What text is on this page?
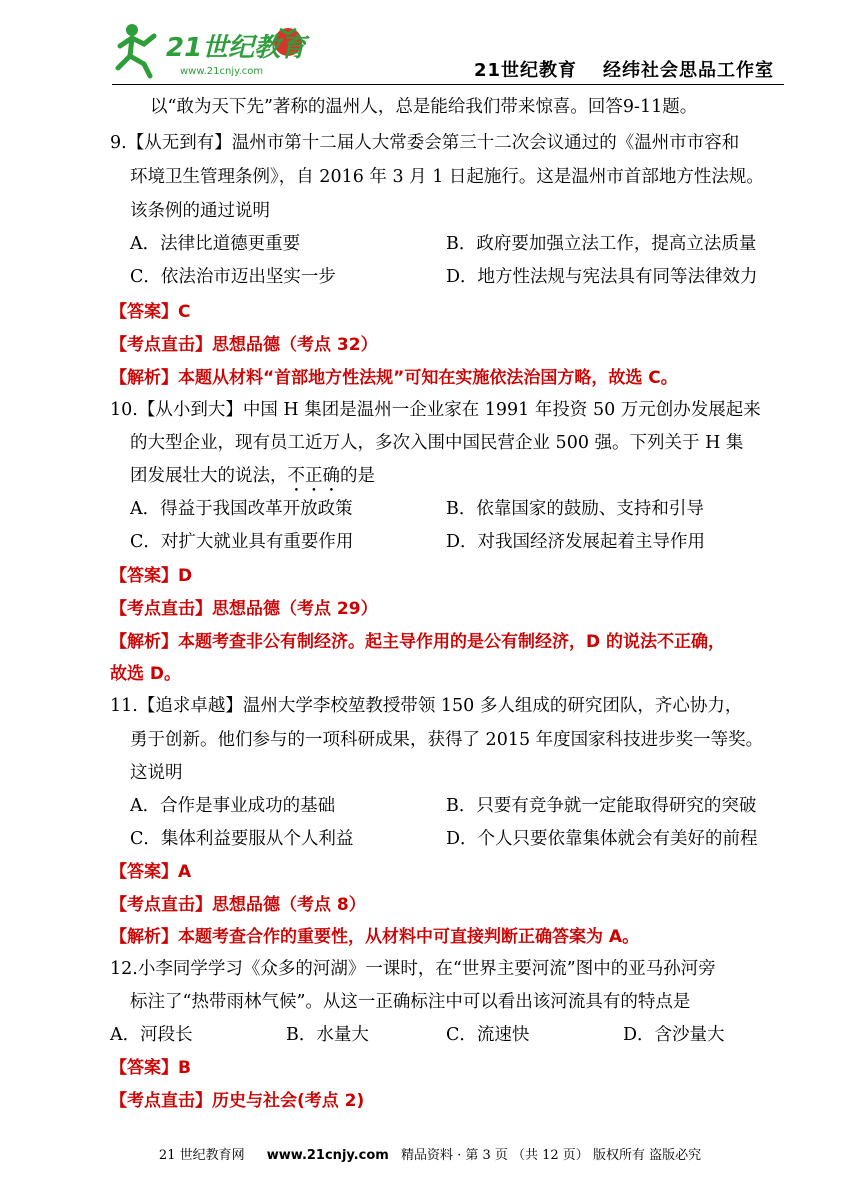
21世纪教育
www.21cnjy.com	21世纪教育 经纬社会思品工作室
以“敢为天下先”著称的温州人，总是能给我们带来惊喜。回答9-11题。
9.【从无到有】温州市第十二届人大常委会第三十二次会议通过的《温州市市容和
环境卫生管理条例》，自 2016 年 3 月 1 日起施行。这是温州市首部地方性法规。
该条例的通过说明
A．法律比道德更重要	B．政府要加强立法工作，提高立法质量
C．依法治市迈出坚实一步	D．地方性法规与宪法具有同等法律效力
【答案】C
【考点直击】思想品德（考点 32）
【解析】本题从材料“首部地方性法规”可知在实施依法治国方略，故选 C。
10.【从小到大】中国 H 集团是温州一企业家在 1991 年投资 50 万元创办发展起来
的大型企业，现有员工近万人，多次入围中国民营企业 500 强。下列关于 H 集
团发展壮大的说法，不正确的是
A．得益于我国改革开放政策	B．依靠国家的鼓励、支持和引导
C．对扩大就业具有重要作用	D．对我国经济发展起着主导作用
【答案】D
【考点直击】思想品德（考点 29）
【解析】本题考查非公有制经济。起主导作用的是公有制经济，D 的说法不正确，
故选 D。
11.【追求卓越】温州大学李校堃教授带领 150 多人组成的研究团队，齐心协力，
勇于创新。他们参与的一项科研成果，获得了 2015 年度国家科技进步奖一等奖。
这说明
A．合作是事业成功的基础	B．只要有竞争就一定能取得研究的突破
C．集体利益要服从个人利益	D．个人只要依靠集体就会有美好的前程
【答案】A
【考点直击】思想品德（考点 8）
【解析】本题考查合作的重要性，从材料中可直接判断正确答案为 A。
12.小李同学学习《众多的河湖》一课时，在“世界主要河流”图中的亚马孙河旁
标注了“热带雨林气候”。从这一正确标注中可以看出该河流具有的特点是
A．河段长	B．水量大	C．流速快	D．含沙量大
【答案】B
【考点直击】历史与社会(考点 2)
21 世纪教育网 www.21cnjy.com 精品资料 · 第 3 页 （共 12 页） 版权所有 盗版必究
